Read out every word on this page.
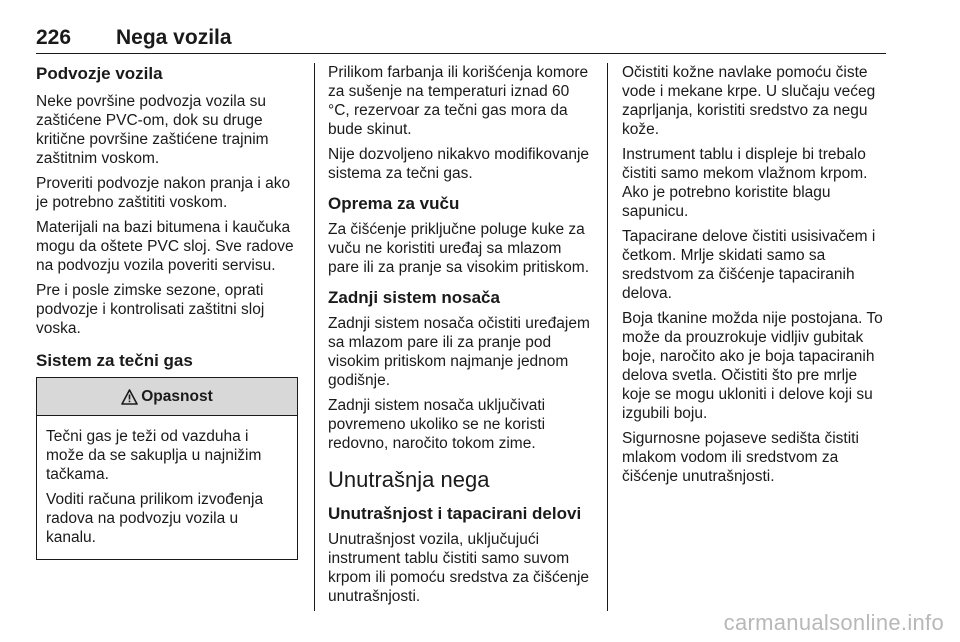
226 Nega vozila
Podvozje vozila

Neke površine podvozja vozila su zaštićene PVC-om, dok su druge kritične površine zaštićene trajnim zaštitnim voskom.

Proveriti podvozje nakon pranja i ako je potrebno zaštititi voskom.

Materijali na bazi bitumena i kaučuka mogu da oštete PVC sloj. Sve radove na podvozju vozila poveriti servisu.

Pre i posle zimske sezone, oprati podvozje i kontrolisati zaštitni sloj voska.

Sistem za tečni gas
Opasnost

Tečni gas je teži od vazduha i može da se sakuplja u najnižim tačkama.

Voditi računa prilikom izvođenja radova na podvozju vozila u kanalu.

Prilikom farbanja ili korišćenja komore za sušenje na temperaturi iznad 60 °C, rezervoar za tečni gas mora da bude skinut.

Nije dozvoljeno nikakvo modifikovanje sistema za tečni gas.

Oprema za vuču

Za čišćenje priključne poluge kuke za vuču ne koristiti uređaj sa mlazom pare ili za pranje sa visokim pritiskom.

Zadnji sistem nosača

Zadnji sistem nosača očistiti uređajem sa mlazom pare ili za pranje pod visokim pritiskom najmanje jednom godišnje.

Zadnji sistem nosača uključivati povremeno ukoliko se ne koristi redovno, naročito tokom zime.

Unutrašnja nega
Unutrašnjost i tapacirani delovi

Unutrašnjost vozila, uključujući instrument tablu čistiti samo suvom krpom ili pomoću sredstva za čišćenje unutrašnjosti.

Očistiti kožne navlake pomoću čiste vode i mekane krpe. U slučaju većeg zaprljanja, koristiti sredstvo za negu kože.

Instrument tablu i displeje bi trebalo čistiti samo mekom vlažnom krpom. Ako je potrebno koristite blagu sapunicu.

Tapacirane delove čistiti usisivačem i četkom. Mrlje skidati samo sa sredstvom za čišćenje tapaciranih delova.

Boja tkanine možda nije postojana. To može da prouzrokuje vidljiv gubitak boje, naročito ako je boja tapaciranih delova svetla. Očistiti što pre mrlje koje se mogu ukloniti i delove koji su izgubili boju.

Sigurnosne pojaseve sedišta čistiti mlakom vodom ili sredstvom za čišćenje unutrašnjosti.

carmanualsonline.info
